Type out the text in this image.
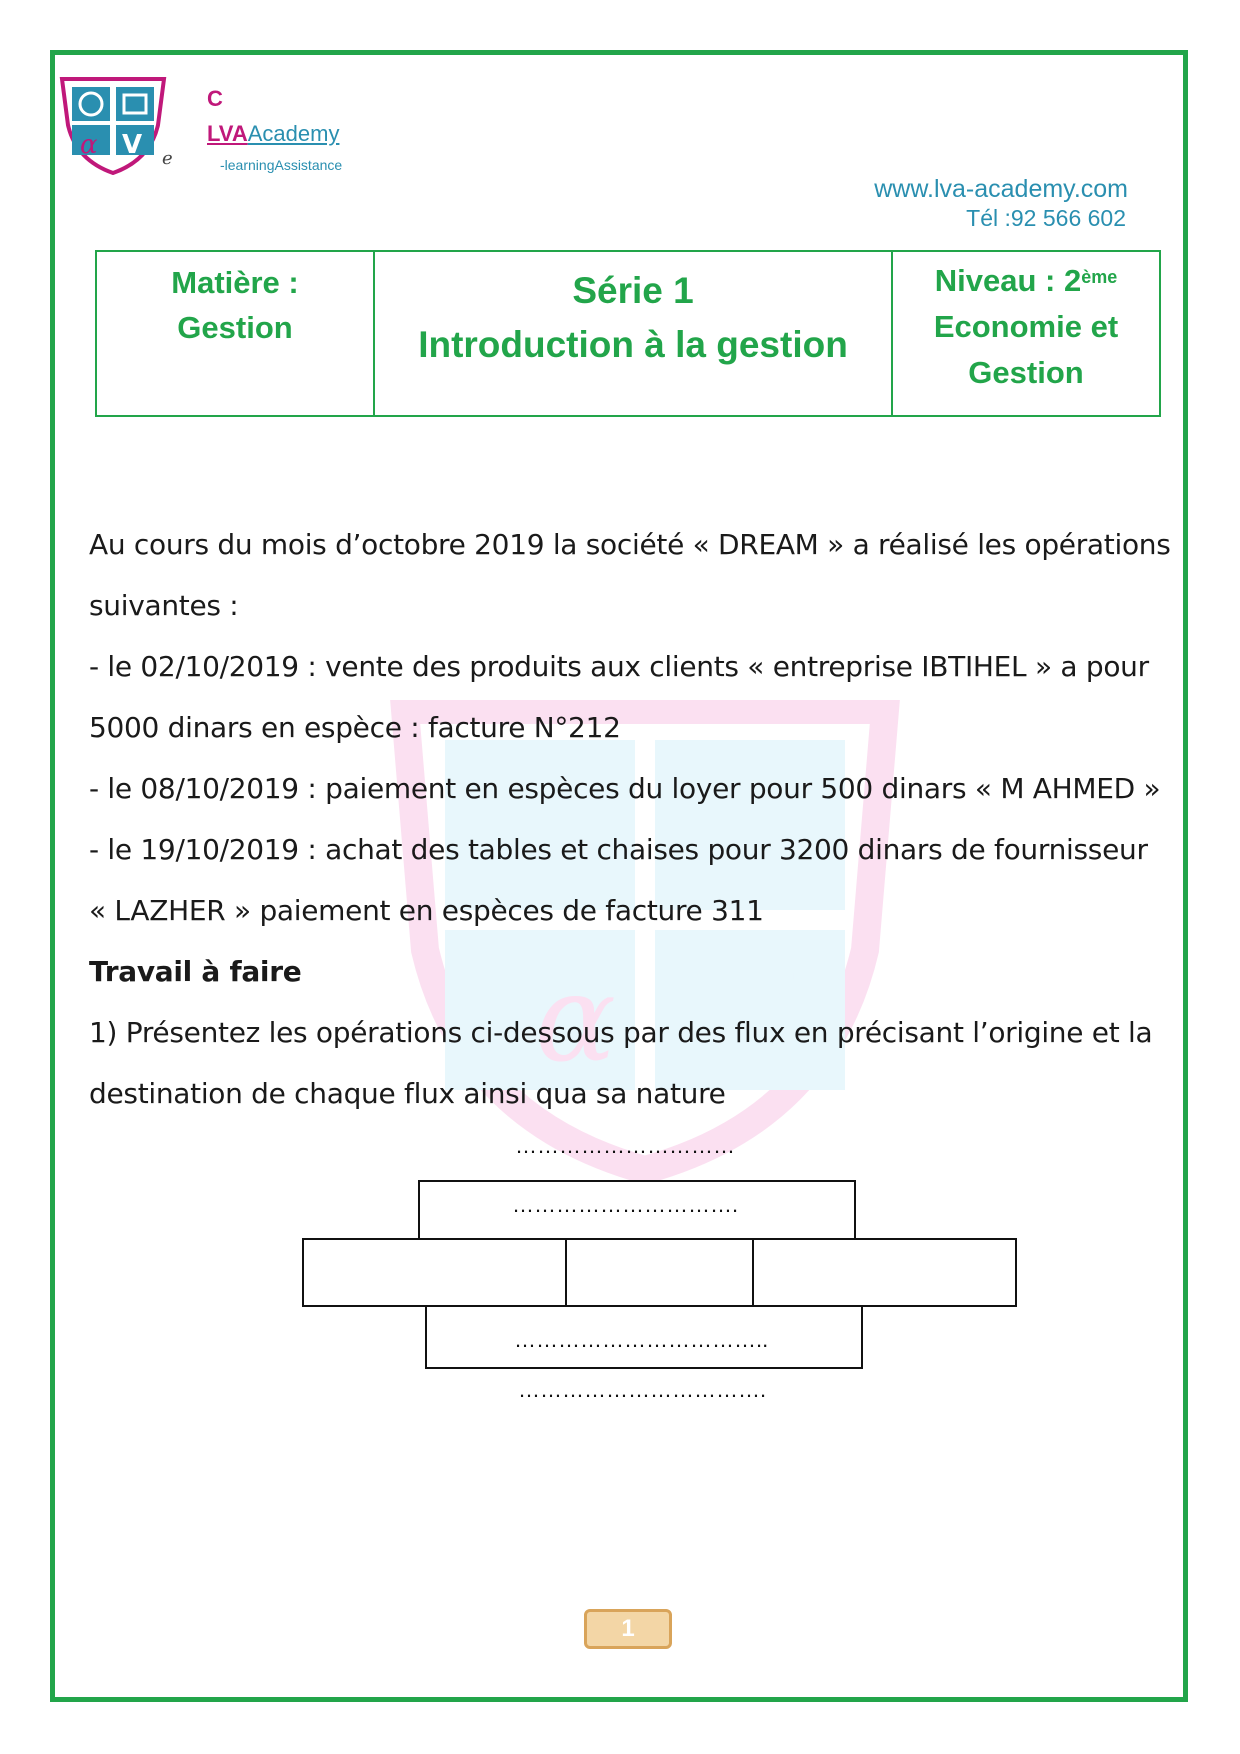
α V
α V
C
LVAAcademy
e	-learningAssistance
www.lva-academy.com
Tél :92 566 602
Matière :
Gestion
Série 1
Introduction à la gestion
Niveau : 2ème
Economie et
Gestion

Au cours du mois d’octobre 2019 la société « DREAM » a réalisé les opérations

suivantes :

- le 02/10/2019 : vente des produits aux clients « entreprise IBTIHEL » a pour

5000 dinars en espèce : facture N°212

- le 08/10/2019 : paiement en espèces du loyer pour 500 dinars « M AHMED »

- le 19/10/2019 : achat des tables et chaises pour 3200 dinars de fournisseur

« LAZHER » paiement en espèces de facture 311

Travail à faire

1) Présentez les opérations ci-dessous par des flux en précisant l’origine et la

destination de chaque flux ainsi qua sa nature

…………………………
………………………….
……………………………..
…………………………….
1
